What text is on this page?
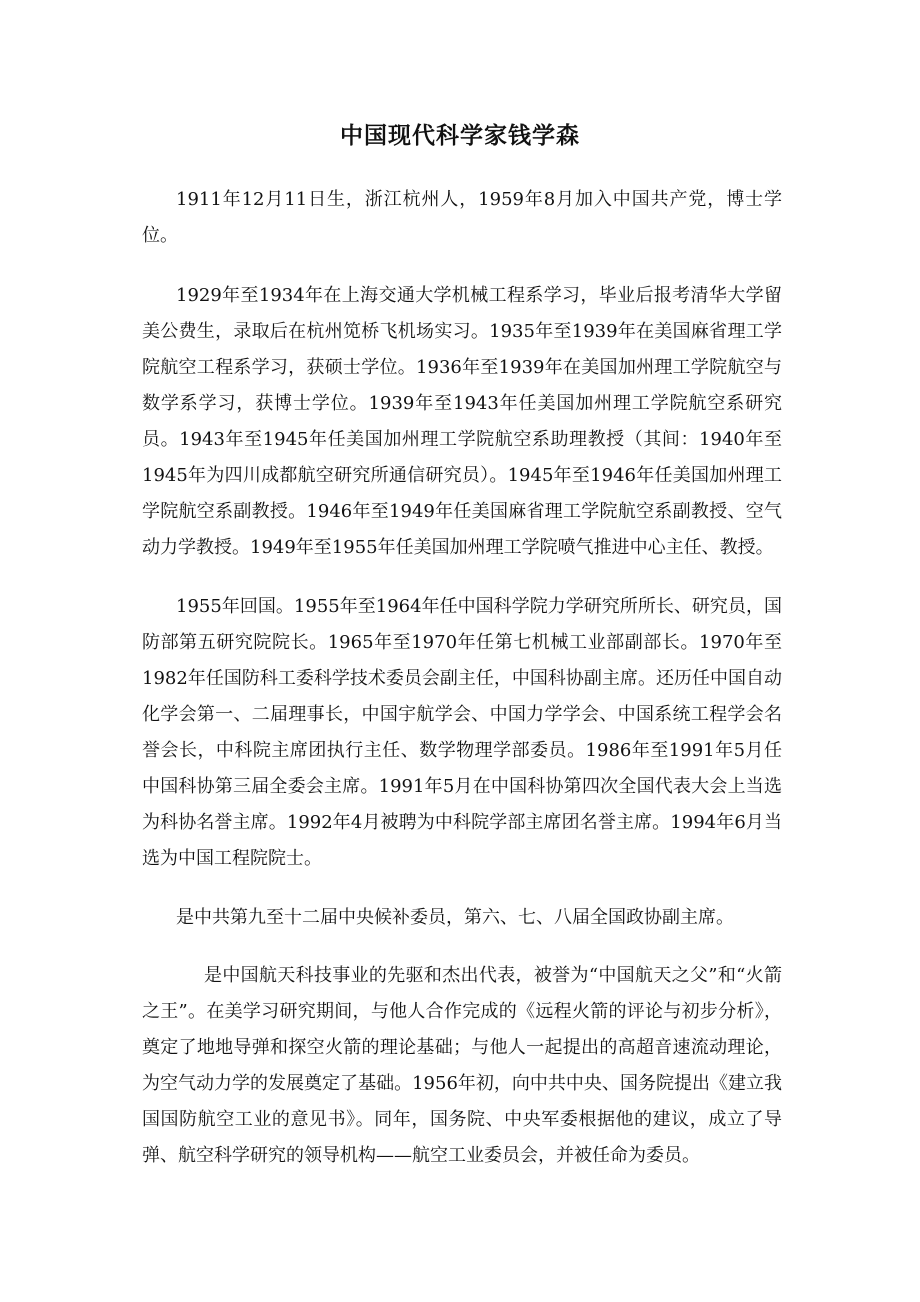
中国现代科学家钱学森

1911年12月11日生，浙江杭州人，1959年8月加入中国共产党，博士学位。

1929年至1934年在上海交通大学机械工程系学习，毕业后报考清华大学留美公费生，录取后在杭州笕桥飞机场实习。1935年至1939年在美国麻省理工学院航空工程系学习，获硕士学位。1936年至1939年在美国加州理工学院航空与数学系学习，获博士学位。1939年至1943年任美国加州理工学院航空系研究员。1943年至1945年任美国加州理工学院航空系助理教授（其间：1940年至1945年为四川成都航空研究所通信研究员）。1945年至1946年任美国加州理工学院航空系副教授。1946年至1949年任美国麻省理工学院航空系副教授、空气动力学教授。1949年至1955年任美国加州理工学院喷气推进中心主任、教授。

1955年回国。1955年至1964年任中国科学院力学研究所所长、研究员，国防部第五研究院院长。1965年至1970年任第七机械工业部副部长。1970年至1982年任国防科工委科学技术委员会副主任，中国科协副主席。还历任中国自动化学会第一、二届理事长，中国宇航学会、中国力学学会、中国系统工程学会名誉会长，中科院主席团执行主任、数学物理学部委员。1986年至1991年5月任中国科协第三届全委会主席。1991年5月在中国科协第四次全国代表大会上当选为科协名誉主席。1992年4月被聘为中科院学部主席团名誉主席。1994年6月当选为中国工程院院士。

是中共第九至十二届中央候补委员，第六、七、八届全国政协副主席。

是中国航天科技事业的先驱和杰出代表，被誉为“中国航天之父”和“火箭之王”。在美学习研究期间，与他人合作完成的《远程火箭的评论与初步分析》，奠定了地地导弹和探空火箭的理论基础；与他人一起提出的高超音速流动理论，为空气动力学的发展奠定了基础。1956年初，向中共中央、国务院提出《建立我国国防航空工业的意见书》。同年，国务院、中央军委根据他的建议，成立了导弹、航空科学研究的领导机构——航空工业委员会，并被任命为委员。
